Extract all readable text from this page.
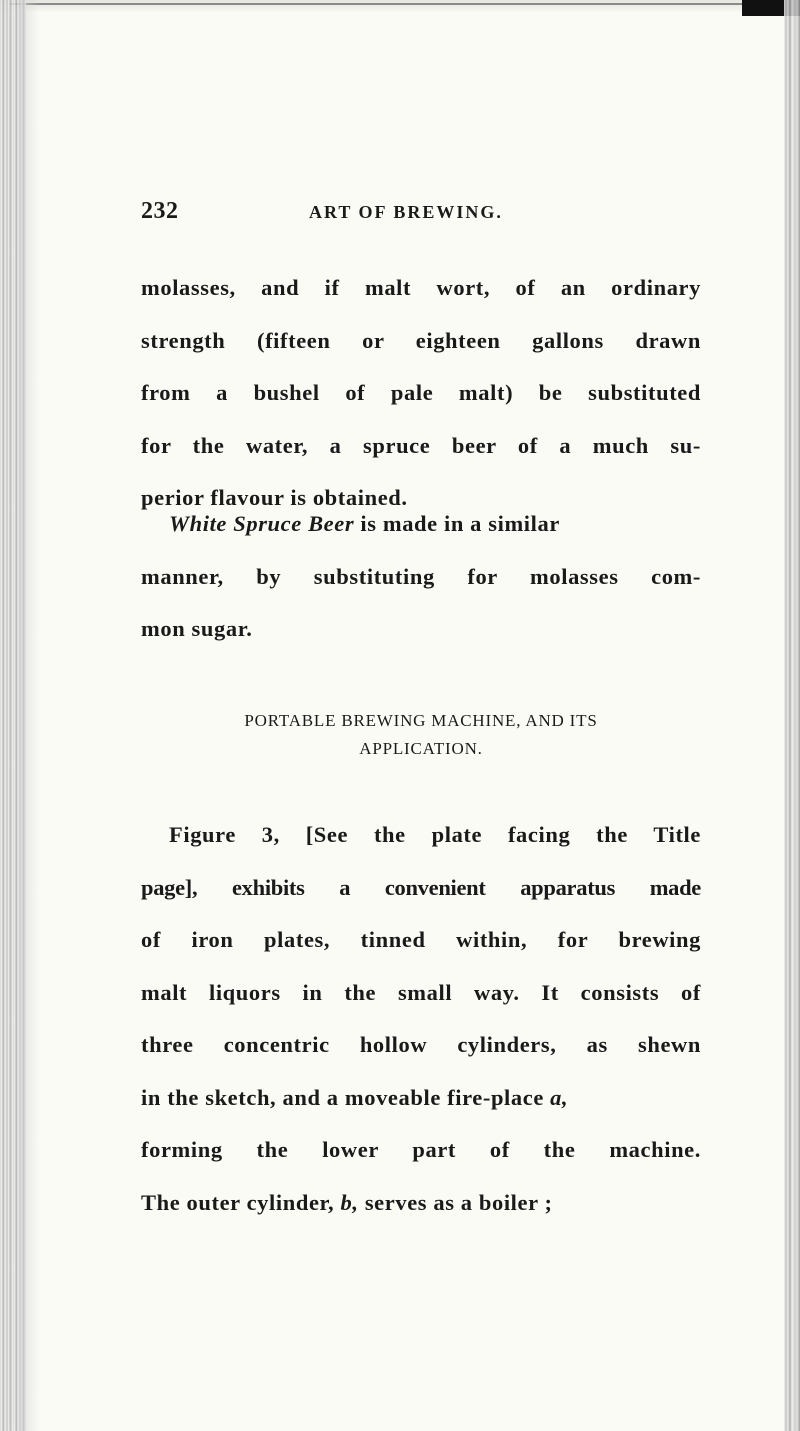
232	ART OF BREWING.

molasses, and if malt wort, of an ordinary
strength (fifteen or eighteen gallons drawn
from a bushel of pale malt) be substituted
for the water, a spruce beer of a much su-
perior flavour is obtained.

White Spruce Beer is made in a similar
manner, by substituting for molasses com-
mon sugar.

PORTABLE BREWING MACHINE, AND ITS
APPLICATION.

Figure 3, [See the plate facing the Title
page], exhibits a convenient apparatus made
of iron plates, tinned within, for brewing
malt liquors in the small way. It consists of
three concentric hollow cylinders, as shewn
in the sketch, and a moveable fire-place a,
forming the lower part of the machine.
The outer cylinder, b, serves as a boiler ;
